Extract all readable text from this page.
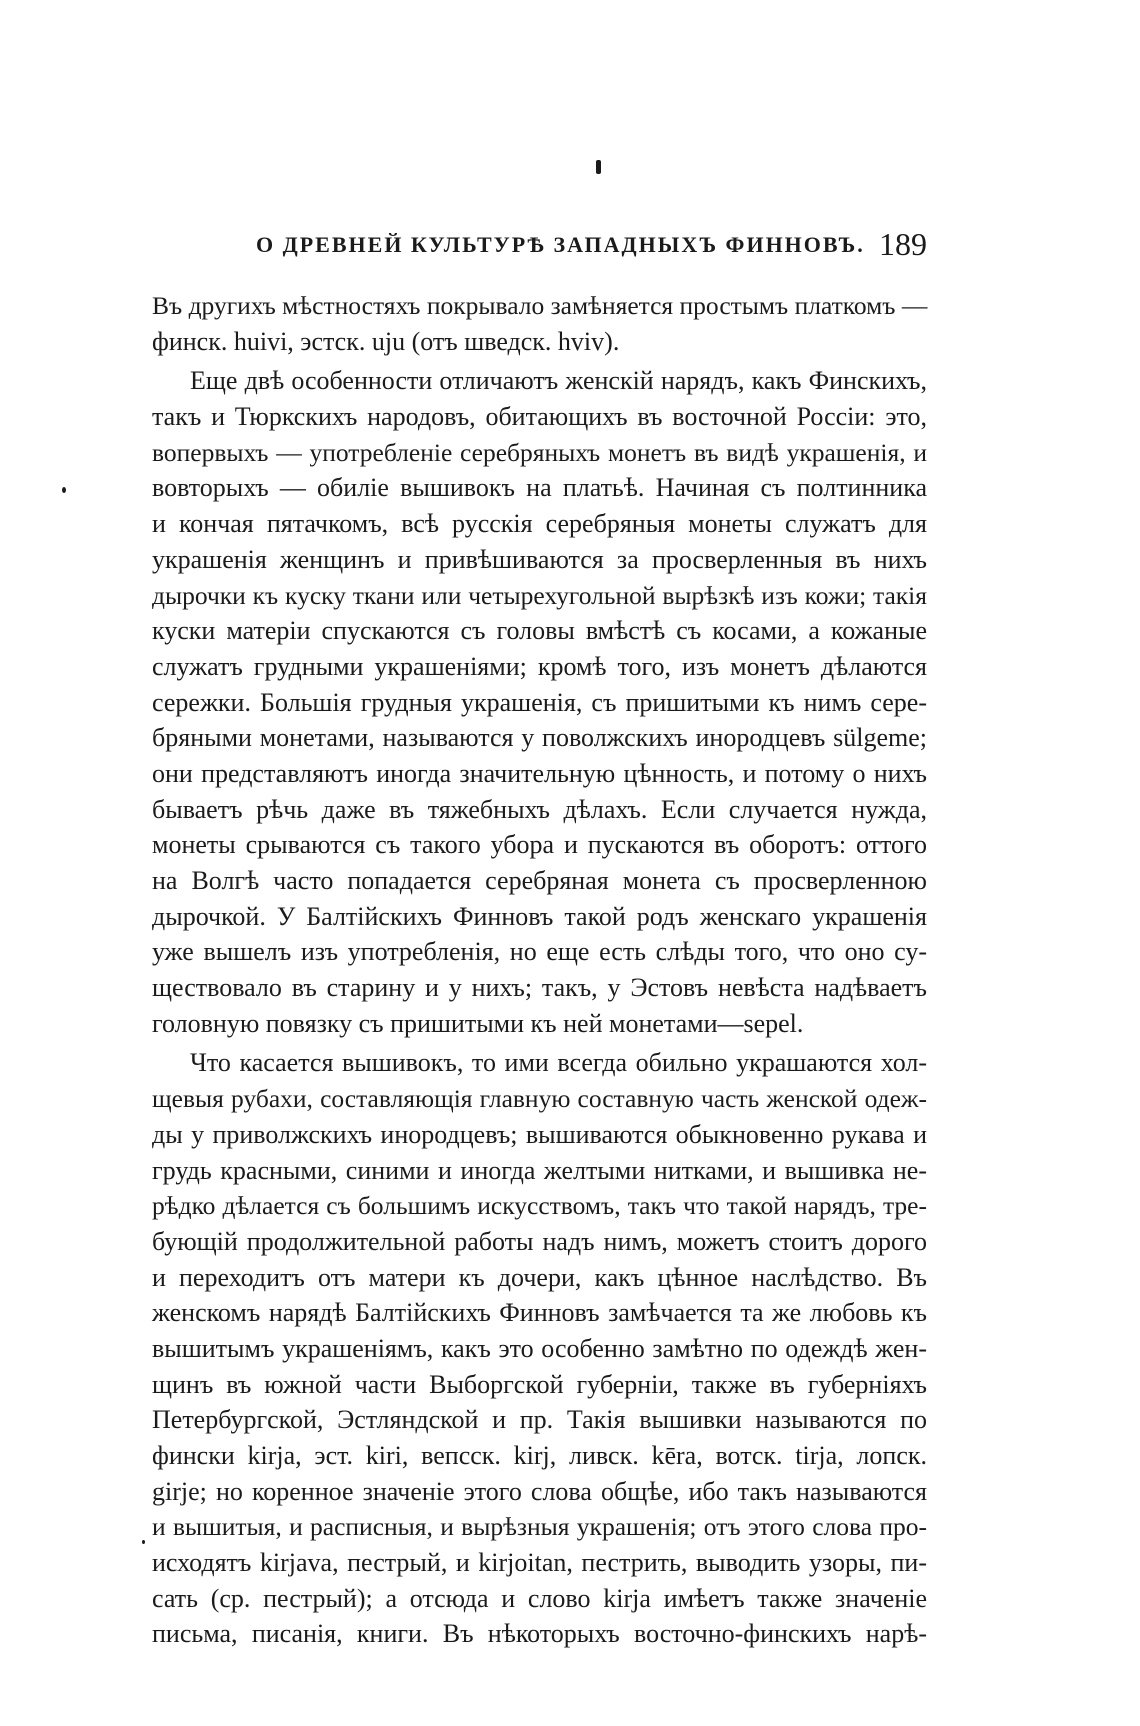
О ДРЕВНЕЙ КУЛЬТУРѢ ЗАПАДНЫХЪ ФИННОВЪ. 189
Въ другихъ мѣстностяхъ покрывало замѣняется простымъ платкомъ —
финск. huivi, эстск. uju (отъ шведск. hviv).
Еще двѣ особенности отличаютъ женскій нарядъ, какъ Финскихъ,
такъ и Тюркскихъ народовъ, обитающихъ въ восточной Россіи: это,
вопервыхъ — употребленіе серебряныхъ монетъ въ видѣ украшенія, и
вовторыхъ — обиліе вышивокъ на платьѣ. Начиная съ полтинника
и кончая пятачкомъ, всѣ русскія серебряныя монеты служатъ для
украшенія женщинъ и привѣшиваются за просверленныя въ нихъ
дырочки къ куску ткани или четырехугольной вырѣзкѣ изъ кожи; такія
куски матеріи спускаются съ головы вмѣстѣ съ косами, а кожаные
служатъ грудными украшеніями; кромѣ того, изъ монетъ дѣлаются
сережки. Большія грудныя украшенія, съ пришитыми къ нимъ сере-
бряными монетами, называются у поволжскихъ инородцевъ sülgeme;
они представляютъ иногда значительную цѣнность, и потому о нихъ
бываетъ рѣчь даже въ тяжебныхъ дѣлахъ. Если случается нужда,
монеты срываются съ такого убора и пускаются въ оборотъ: оттого
на Волгѣ часто попадается серебряная монета съ просверленною
дырочкой. У Балтійскихъ Финновъ такой родъ женскаго украшенія
уже вышелъ изъ употребленія, но еще есть слѣды того, что оно су-
ществовало въ старину и у нихъ; такъ, у Эстовъ невѣста надѣваетъ
головную повязку съ пришитыми къ ней монетами—sepel.
Что касается вышивокъ, то ими всегда обильно украшаются хол-
щевыя рубахи, составляющія главную составную часть женской одеж-
ды у приволжскихъ инородцевъ; вышиваются обыкновенно рукава и
грудь красными, синими и иногда желтыми нитками, и вышивка не-
рѣдко дѣлается съ большимъ искусствомъ, такъ что такой нарядъ, тре-
бующій продолжительной работы надъ нимъ, можетъ стоитъ дорого
и переходитъ отъ матери къ дочери, какъ цѣнное наслѣдство. Въ
женскомъ нарядѣ Балтійскихъ Финновъ замѣчается та же любовь къ
вышитымъ украшеніямъ, какъ это особенно замѣтно по одеждѣ жен-
щинъ въ южной части Выборгской губерніи, также въ губерніяхъ
Петербургской, Эстляндской и пр. Такія вышивки называются по
фински kirja, эст. kiri, вепсск. kirj, ливск. kēra, вотск. tirja, лопск.
girje; но коренное значеніе этого слова общѣе, ибо такъ называются
и вышитыя, и расписныя, и вырѣзныя украшенія; отъ этого слова про-
исходятъ kirjava, пестрый, и kirjoitan, пестрить, выводить узоры, пи-
сать (ср. пестрый); а отсюда и слово kirja имѣетъ также значеніе
письма, писанія, книги. Въ нѣкоторыхъ восточно-финскихъ нарѣ-
